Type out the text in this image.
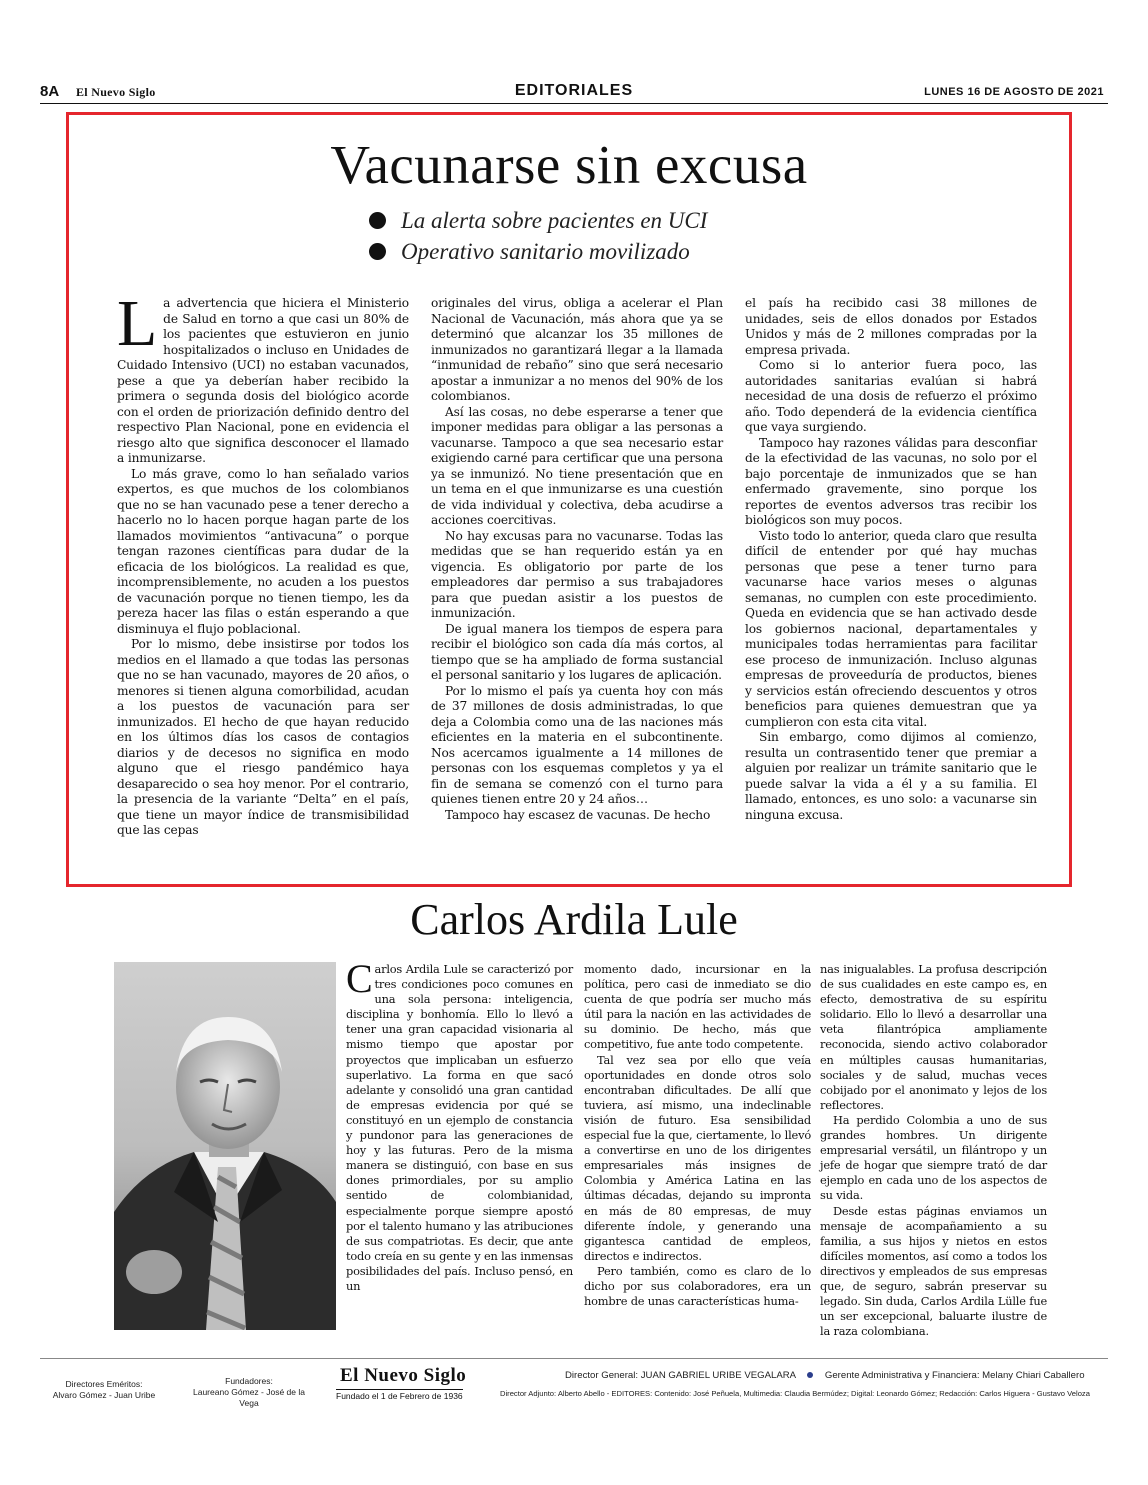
8A El Nuevo Siglo	EDITORIALES	LUNES 16 DE AGOSTO DE 2021
Vacunarse sin excusa
La alerta sobre pacientes en UCI
Operativo sanitario movilizado

La advertencia que hiciera el Ministerio de Salud en torno a que casi un 80% de los pacientes que estuvieron en junio hospitalizados o incluso en Unidades de Cuidado Intensivo (UCI) no estaban vacunados, pese a que ya deberían haber recibido la primera o segunda dosis del biológico acorde con el orden de priorización definido dentro del respectivo Plan Nacional, pone en evidencia el riesgo alto que significa desconocer el llamado a inmunizarse.

Lo más grave, como lo han señalado varios expertos, es que muchos de los colombianos que no se han vacunado pese a tener derecho a hacerlo no lo hacen porque hagan parte de los llamados movimientos “antivacuna” o porque tengan razones científicas para dudar de la eficacia de los biológicos. La realidad es que, incomprensiblemente, no acuden a los puestos de vacunación porque no tienen tiempo, les da pereza hacer las filas o están esperando a que disminuya el flujo poblacional.

Por lo mismo, debe insistirse por todos los medios en el llamado a que todas las personas que no se han vacunado, mayores de 20 años, o menores si tienen alguna comorbilidad, acudan a los puestos de vacunación para ser inmunizados. El hecho de que hayan reducido en los últimos días los casos de contagios diarios y de decesos no significa en modo alguno que el riesgo pandémico haya desaparecido o sea hoy menor. Por el contrario, la presencia de la variante “Delta” en el país, que tiene un mayor índice de transmisibilidad que las cepas

originales del virus, obliga a acelerar el Plan Nacional de Vacunación, más ahora que ya se determinó que alcanzar los 35 millones de inmunizados no garantizará llegar a la llamada “inmunidad de rebaño” sino que será necesario apostar a inmunizar a no menos del 90% de los colombianos.

Así las cosas, no debe esperarse a tener que imponer medidas para obligar a las personas a vacunarse. Tampoco a que sea necesario estar exigiendo carné para certificar que una persona ya se inmunizó. No tiene presentación que en un tema en el que inmunizarse es una cuestión de vida individual y colectiva, deba acudirse a acciones coercitivas.

No hay excusas para no vacunarse. Todas las medidas que se han requerido están ya en vigencia. Es obligatorio por parte de los empleadores dar permiso a sus trabajadores para que puedan asistir a los puestos de inmunización.

De igual manera los tiempos de espera para recibir el biológico son cada día más cortos, al tiempo que se ha ampliado de forma sustancial el personal sanitario y los lugares de aplicación.

Por lo mismo el país ya cuenta hoy con más de 37 millones de dosis administradas, lo que deja a Colombia como una de las naciones más eficientes en la materia en el subcontinente. Nos acercamos igualmente a 14 millones de personas con los esquemas completos y ya el fin de semana se comenzó con el turno para quienes tienen entre 20 y 24 años…

Tampoco hay escasez de vacunas. De hecho

el país ha recibido casi 38 millones de unidades, seis de ellos donados por Estados Unidos y más de 2 millones compradas por la empresa privada.

Como si lo anterior fuera poco, las autoridades sanitarias evalúan si habrá necesidad de una dosis de refuerzo el próximo año. Todo dependerá de la evidencia científica que vaya surgiendo.

Tampoco hay razones válidas para desconfiar de la efectividad de las vacunas, no solo por el bajo porcentaje de inmunizados que se han enfermado gravemente, sino porque los reportes de eventos adversos tras recibir los biológicos son muy pocos.

Visto todo lo anterior, queda claro que resulta difícil de entender por qué hay muchas personas que pese a tener turno para vacunarse hace varios meses o algunas semanas, no cumplen con este procedimiento. Queda en evidencia que se han activado desde los gobiernos nacional, departamentales y municipales todas herramientas para facilitar ese proceso de inmunización. Incluso algunas empresas de proveeduría de productos, bienes y servicios están ofreciendo descuentos y otros beneficios para quienes demuestran que ya cumplieron con esta cita vital.

Sin embargo, como dijimos al comienzo, resulta un contrasentido tener que premiar a alguien por realizar un trámite sanitario que le puede salvar la vida a él y a su familia. El llamado, entonces, es uno solo: a vacunarse sin ninguna excusa.

Carlos Ardila Lule

Carlos Ardila Lule se caracterizó por tres condiciones poco comunes en una sola persona: inteligencia, disciplina y bonhomía. Ello lo llevó a tener una gran capacidad visionaria al mismo tiempo que apostar por proyectos que implicaban un esfuerzo superlativo. La forma en que sacó adelante y consolidó una gran cantidad de empresas evidencia por qué se constituyó en un ejemplo de constancia y pundonor para las generaciones de hoy y las futuras. Pero de la misma manera se distinguió, con base en sus dones primordiales, por su amplio sentido de colombianidad, especialmente porque siempre apostó por el talento humano y las atribuciones de sus compatriotas. Es decir, que ante todo creía en su gente y en las inmensas posibilidades del país. Incluso pensó, en un

momento dado, incursionar en la política, pero casi de inmediato se dio cuenta de que podría ser mucho más útil para la nación en las actividades de su dominio. De hecho, más que competitivo, fue ante todo competente.

Tal vez sea por ello que veía oportunidades en donde otros solo encontraban dificultades. De allí que tuviera, así mismo, una indeclinable visión de futuro. Esa sensibilidad especial fue la que, ciertamente, lo llevó a convertirse en uno de los dirigentes empresariales más insignes de Colombia y América Latina en las últimas décadas, dejando su impronta en más de 80 empresas, de muy diferente índole, y generando una gigantesca cantidad de empleos, directos e indirectos.

Pero también, como es claro de lo dicho por sus colaboradores, era un hombre de unas características huma-

nas inigualables. La profusa descripción de sus cualidades en este campo es, en efecto, demostrativa de su espíritu solidario. Ello lo llevó a desarrollar una veta filantrópica ampliamente reconocida, siendo activo colaborador en múltiples causas humanitarias, sociales y de salud, muchas veces cobijado por el anonimato y lejos de los reflectores.

Ha perdido Colombia a uno de sus grandes hombres. Un dirigente empresarial versátil, un filántropo y un jefe de hogar que siempre trató de dar ejemplo en cada uno de los aspectos de su vida.

Desde estas páginas enviamos un mensaje de acompañamiento a su familia, a sus hijos y nietos en estos difíciles momentos, así como a todos los directivos y empleados de sus empresas que, de seguro, sabrán preservar su legado. Sin duda, Carlos Ardila Lülle fue un ser excepcional, baluarte ilustre de la raza colombiana.

Directores Eméritos:
Alvaro Gómez - Juan Uribe
Fundadores:
Laureano Gómez - José de la Vega
El Nuevo Siglo
Fundado el 1 de Febrero de 1936
Director General: JUAN GABRIEL URIBE VEGALARA	Gerente Administrativa y Financiera: Melany Chiari Caballero
Director Adjunto: Alberto Abello - EDITORES: Contenido: José Peñuela, Multimedia: Claudia Bermúdez; Digital: Leonardo Gómez; Redacción: Carlos Higuera - Gustavo Veloza
